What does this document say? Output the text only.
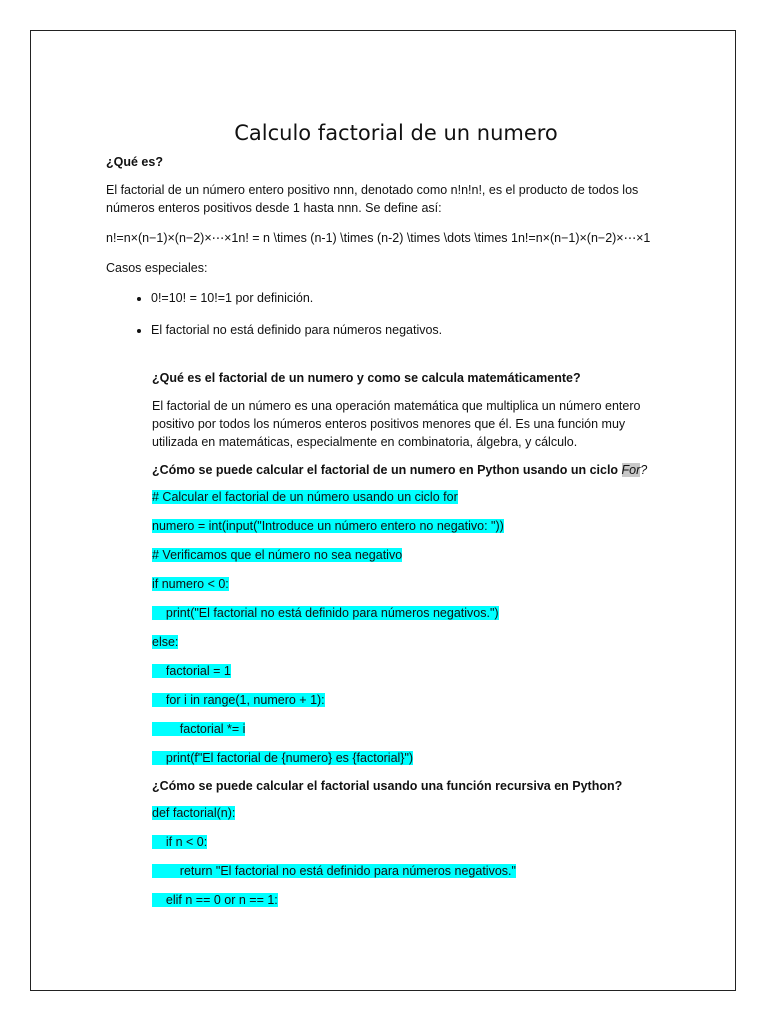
Calculo factorial de un numero
¿Qué es?
El factorial de un número entero positivo nnn, denotado como n!n!n!, es el producto de todos los números enteros positivos desde 1 hasta nnn. Se define así:
n!=n×(n−1)×(n−2)×⋯×1n! = n \times (n-1) \times (n-2) \times \dots \times 1n!=n×(n−1)×(n−2)×⋯×1
Casos especiales:
• 0!=10! = 10!=1 por definición.
• El factorial no está definido para números negativos.
¿Qué es el factorial de un numero y como se calcula matemáticamente?
El factorial de un número es una operación matemática que multiplica un número entero positivo por todos los números enteros positivos menores que él. Es una función muy utilizada en matemáticas, especialmente en combinatoria, álgebra, y cálculo.
¿Cómo se puede calcular el factorial de un numero en Python usando un ciclo For?
# Calcular el factorial de un número usando un ciclo for
numero = int(input("Introduce un número entero no negativo: "))
# Verificamos que el número no sea negativo
if numero < 0:
print("El factorial no está definido para números negativos.")
else:
factorial = 1
for i in range(1, numero + 1):
factorial *= i
print(f"El factorial de {numero} es {factorial}")
¿Cómo se puede calcular el factorial usando una función recursiva en Python?
def factorial(n):
if n < 0:
return "El factorial no está definido para números negativos."
elif n == 0 or n == 1:
